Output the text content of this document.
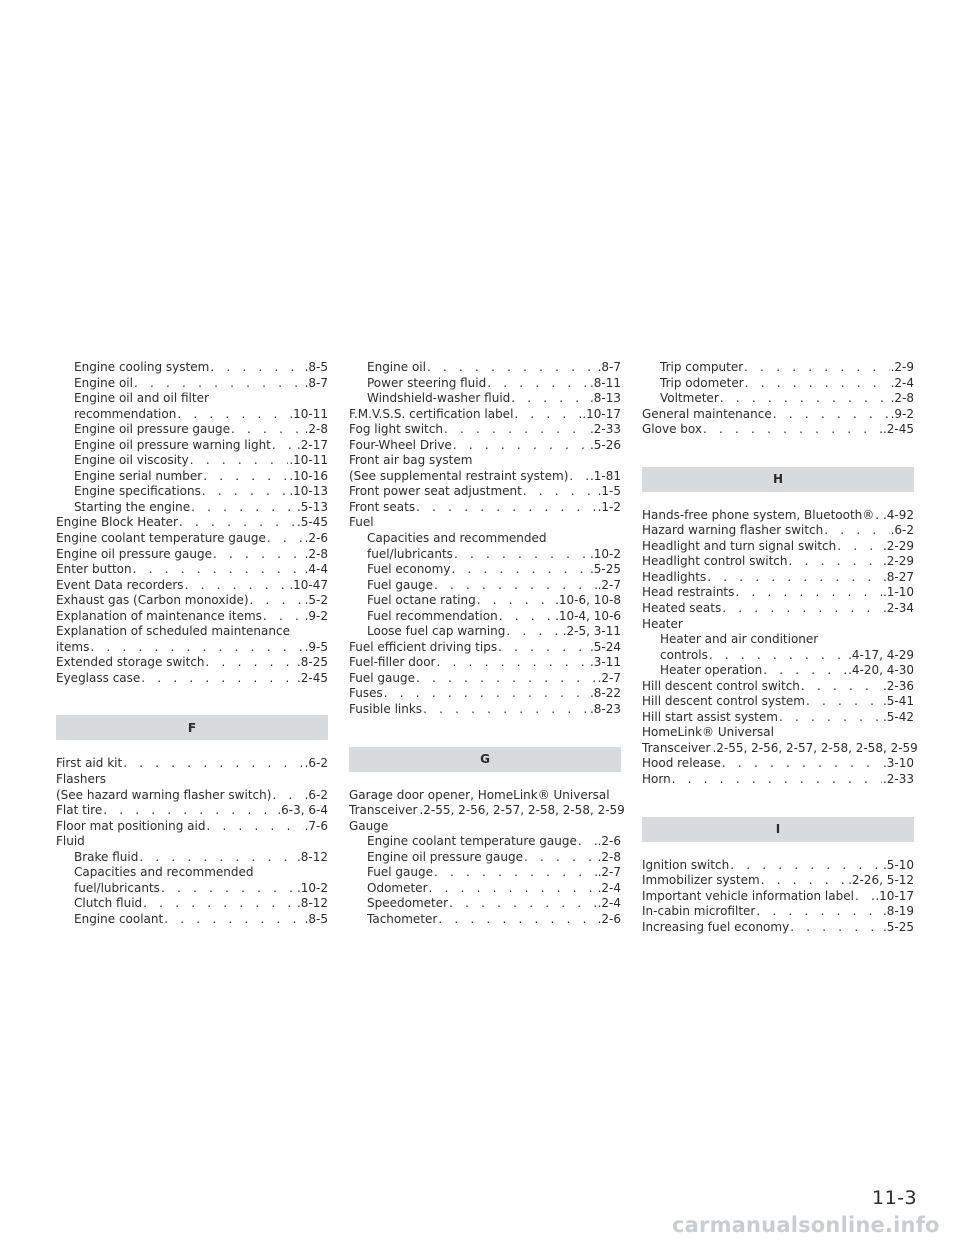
Engine cooling system . . .	.8-5
Engine oil . . .	.8-7
Engine oil and oil filter
recommendation . . .	.10-11
Engine oil pressure gauge . . .	.2-8
Engine oil pressure warning light . . . .2-17
Engine oil viscosity . . .	.10-11
Engine serial number . . .	.10-16
Engine specifications . . .	.10-13
Starting the engine . . .	.5-13
Engine Block Heater . . .	.5-45
Engine coolant temperature gauge . . .	.2-6
Engine oil pressure gauge . . .	.2-8
Enter button . . .	.4-4
Event Data recorders . . .	.10-47
Exhaust gas (Carbon monoxide) . . .	.5-2
Explanation of maintenance items . . .	.9-2
Explanation of scheduled maintenance
items . . .	.9-5
Extended storage switch . . .	.8-25
Eyeglass case . . .	.2-45
F
First aid kit . . .	.6-2
Flashers
(See hazard warning flasher switch) . . .	.6-2
Flat tire . . .	.6-3, 6-4
Floor mat positioning aid . . .	.7-6
Fluid
Brake fluid . . .	.8-12
Capacities and recommended
fuel/lubricants . . .	.10-2
Clutch fluid . . .	.8-12
Engine coolant . . .	.8-5
Engine oil . . .	.8-7
Power steering fluid . . .	.8-11
Windshield-washer fluid . . .	.8-13
F.M.V.S.S. certification label . . .	.10-17
Fog light switch . . .	.2-33
Four-Wheel Drive . . .	.5-26
Front air bag system
(See supplemental restraint system) . . . .1-81
Front power seat adjustment . . .	.1-5
Front seats . . .	.1-2
Fuel
Capacities and recommended
fuel/lubricants . . .	.10-2
Fuel economy . . .	.5-25
Fuel gauge . . .	.2-7
Fuel octane rating . . .	.10-6, 10-8
Fuel recommendation . . .	.10-4, 10-6
Loose fuel cap warning . . .	.2-5, 3-11
Fuel efficient driving tips . . .	.5-24
Fuel-filler door . . .	.3-11
Fuel gauge . . .	.2-7
Fuses . . .	.8-22
Fusible links . . .	.8-23
G
Garage door opener, HomeLink® Universal
Transceiver .2-55, 2-56, 2-57, 2-58, 2-58, 2-59
Gauge
Engine coolant temperature gauge . . . .2-6
Engine oil pressure gauge . . .	.2-8
Fuel gauge . . .	.2-7
Odometer . . .	.2-4
Speedometer . . .	.2-4
Tachometer . . .	.2-6
Trip computer . . .	.2-9
Trip odometer . . .	.2-4
Voltmeter . . .	.2-8
General maintenance . . .	.9-2
Glove box . . .	.2-45
H
Hands-free phone system, Bluetooth® . . . .4-92
Hazard warning flasher switch . . .	.6-2
Headlight and turn signal switch . . .	.2-29
Headlight control switch . . .	.2-29
Headlights . . .	.8-27
Head restraints . . .	.1-10
Heated seats . . .	.2-34
Heater
Heater and air conditioner
controls . . .	.4-17, 4-29
Heater operation . . .	.4-20, 4-30
Hill descent control switch . . .	.2-36
Hill descent control system . . .	.5-41
Hill start assist system . . .	.5-42
HomeLink® Universal
Transceiver .2-55, 2-56, 2-57, 2-58, 2-58, 2-59
Hood release . . .	.3-10
Horn . . .	.2-33
I
Ignition switch . . .	.5-10
Immobilizer system . . .	.2-26, 5-12
Important vehicle information label . . . .10-17
In-cabin microfilter . . .	.8-19
Increasing fuel economy . . .	.5-25
11-3
carmanualsonline.info
